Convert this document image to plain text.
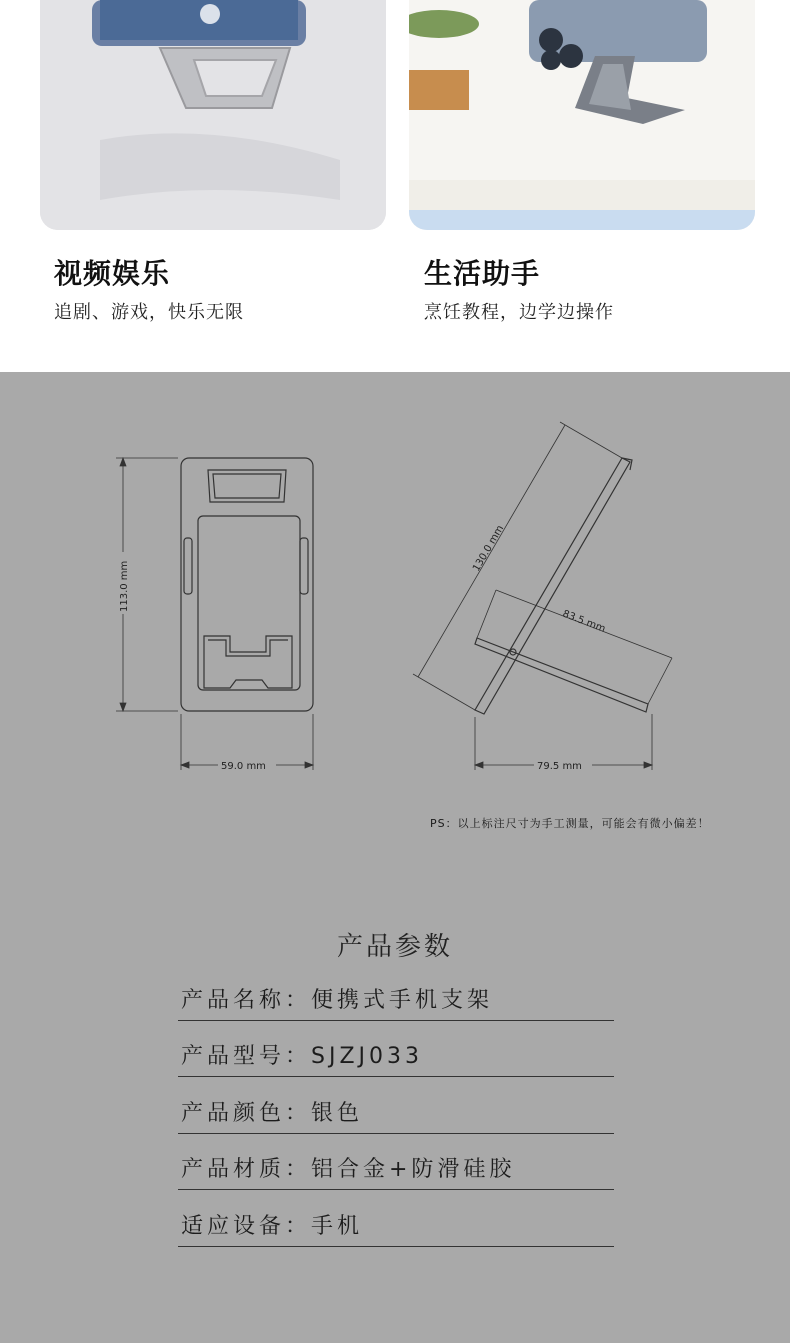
视频娱乐
追剧、游戏，快乐无限
生活助手
烹饪教程，边学边操作
113.0 mm
59.0 mm
130.0 mm
83.5 mm
79.5 mm
PS：以上标注尺寸为手工测量，可能会有微小偏差！
产品参数
产品名称：便携式手机支架
产品型号：SJZJ033
产品颜色：银色
产品材质：铝合金+防滑硅胶
适应设备：手机
